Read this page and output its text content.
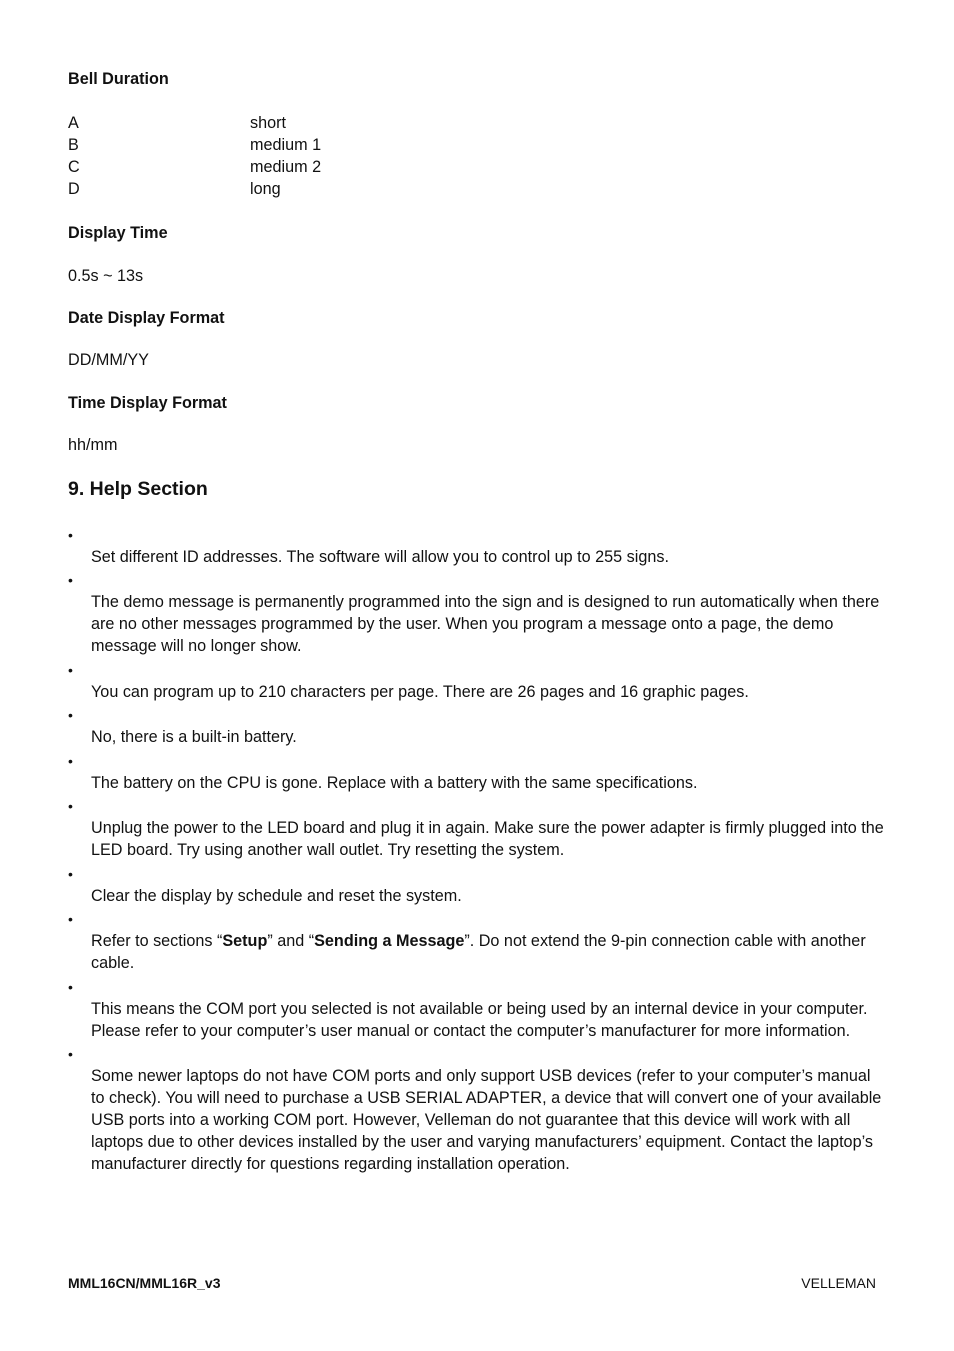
Bell Duration
A	short
B	medium 1
C	medium 2
D	long
Display Time
0.5s ~ 13s
Date Display Format
DD/MM/YY
Time Display Format
hh/mm
9. Help Section
•
Set different ID addresses. The software will allow you to control up to 255 signs.
•
The demo message is permanently programmed into the sign and is designed to run automatically when there are no other messages programmed by the user. When you program a message onto a page, the demo message will no longer show.
•
You can program up to 210 characters per page. There are 26 pages and 16 graphic pages.
•
No, there is a built-in battery.
•
The battery on the CPU is gone. Replace with a battery with the same specifications.
•
Unplug the power to the LED board and plug it in again. Make sure the power adapter is firmly plugged into the LED board. Try using another wall outlet. Try resetting the system.
•
Clear the display by schedule and reset the system.
•
Refer to sections “Setup” and “Sending a Message”. Do not extend the 9-pin connection cable with another cable.
•
This means the COM port you selected is not available or being used by an internal device in your computer. Please refer to your computer’s user manual or contact the computer’s manufacturer for more information.
•
Some newer laptops do not have COM ports and only support USB devices (refer to your computer’s manual to check). You will need to purchase a USB SERIAL ADAPTER, a device that will convert one of your available USB ports into a working COM port. However, Velleman do not guarantee that this device will work with all laptops due to other devices installed by the user and varying manufacturers’ equipment. Contact the laptop’s manufacturer directly for questions regarding installation operation.
MML16CN/MML16R_v3	VELLEMAN
